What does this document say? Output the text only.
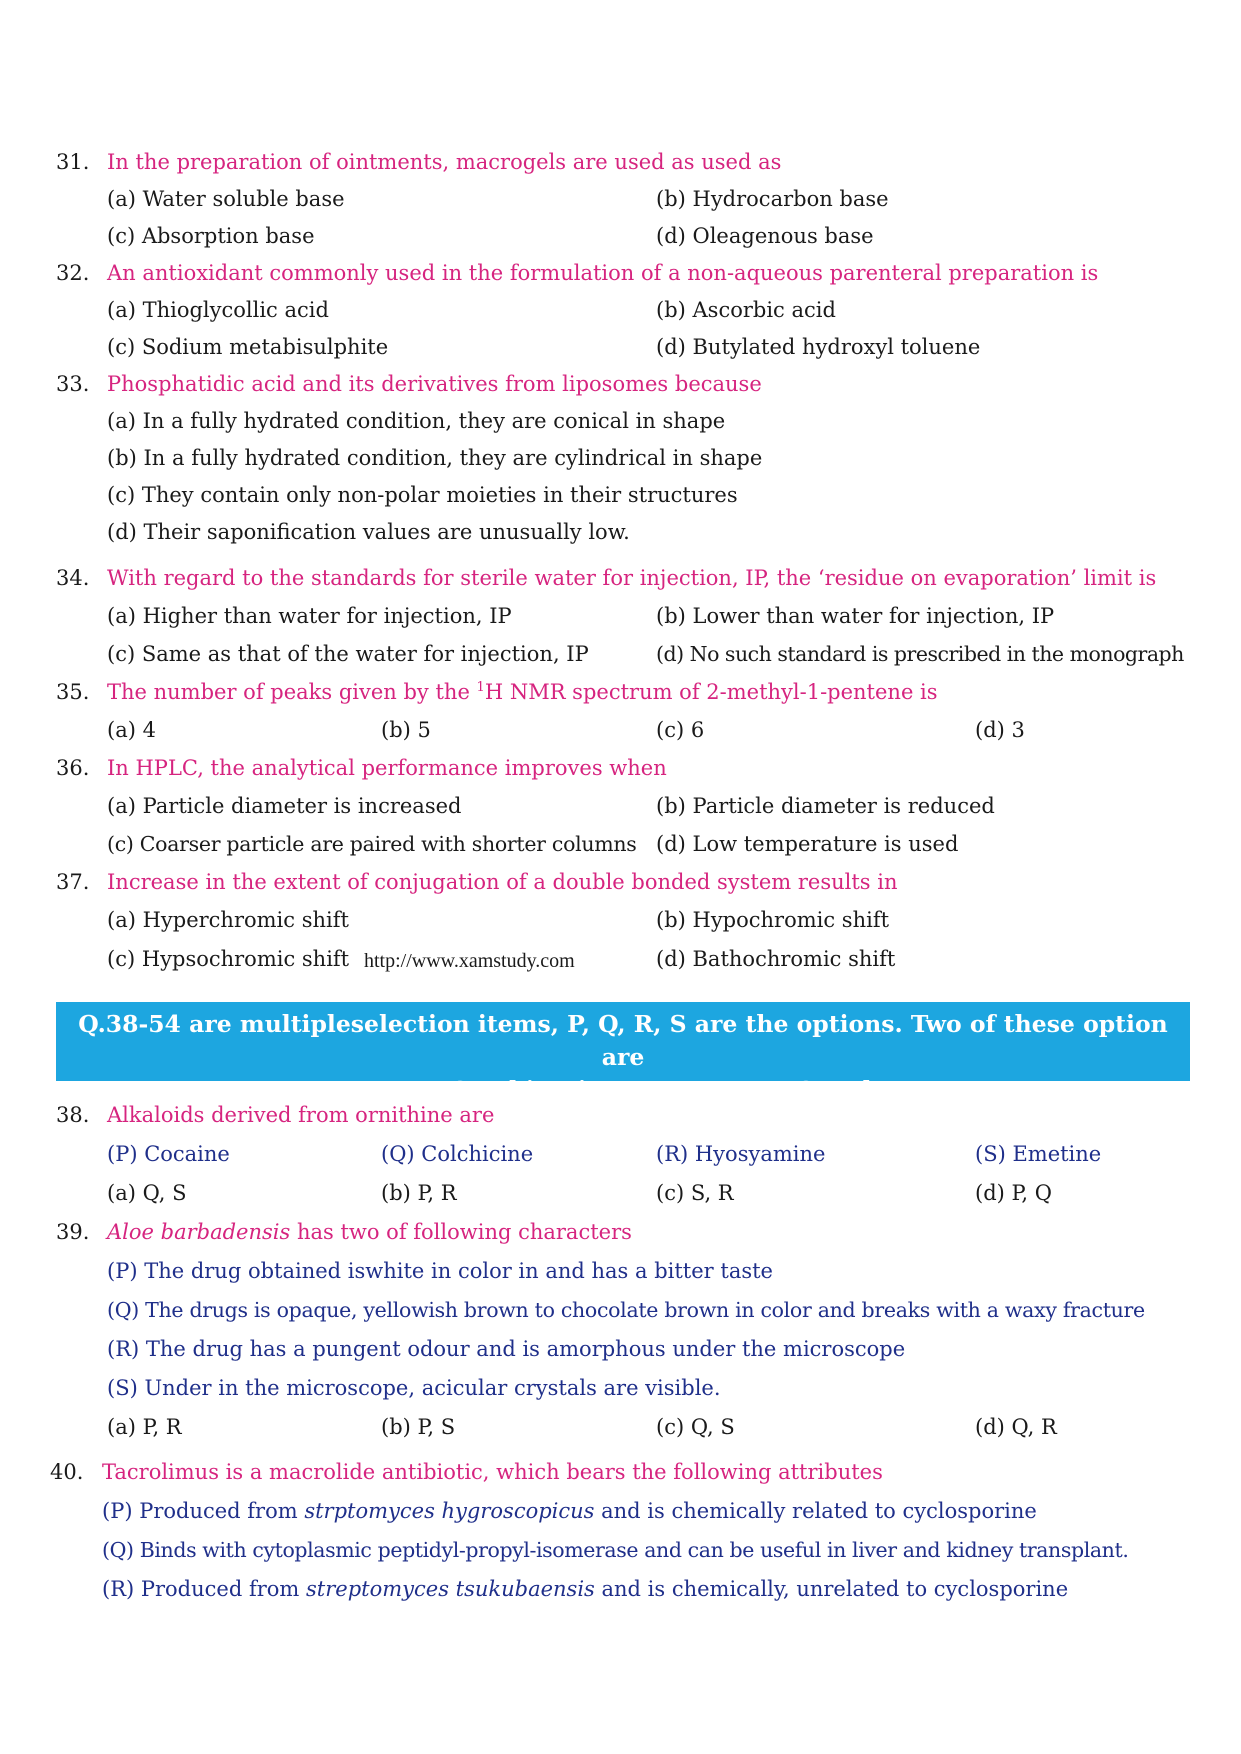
31. In the preparation of ointments, macrogels are used as used as
(a) Water soluble base	(b) Hydrocarbon base
(c) Absorption base	(d) Oleagenous base
32. An antioxidant commonly used in the formulation of a non-aqueous parenteral preparation is
(a) Thioglycollic acid	(b) Ascorbic acid
(c) Sodium metabisulphite	(d) Butylated hydroxyl toluene
33. Phosphatidic acid and its derivatives from liposomes because
(a) In a fully hydrated condition, they are conical in shape
(b) In a fully hydrated condition, they are cylindrical in shape
(c) They contain only non-polar moieties in their structures
(d) Their saponification values are unusually low.
34. With regard to the standards for sterile water for injection, IP, the ‘residue on evaporation’ limit is
(a) Higher than water for injection, IP	(b) Lower than water for injection, IP
(c) Same as that of the water for injection, IP	(d) No such standard is prescribed in the monograph
35. The number of peaks given by the $^1$H NMR spectrum of 2-methyl-1-pentene is
(a) 4	(b) 5	(c) 6	(d) 3
36. In HPLC, the analytical performance improves when
(a) Particle diameter is increased	(b) Particle diameter is reduced
(c) Coarser particle are paired with shorter columns (d) Low temperature is used
37. Increase in the extent of conjugation of a double bonded system results in
(a) Hyperchromic shift	(b) Hypochromic shift
(c) Hypsochromic shift http://www.xamstudy.com	(d) Bathochromic shift
Q.38-54 are multipleselection items, P, Q, R, S are the options. Two of these option are
correct. Combination among A, B, C and D.
38. Alkaloids derived from ornithine are
(P) Cocaine	(Q) Colchicine	(R) Hyosyamine	(S) Emetine
(a) Q, S	(b) P, R	(c) S, R	(d) P, Q
39. Aloe barbadensis has two of following characters
(P) The drug obtained iswhite in color in and has a bitter taste
(Q) The drugs is opaque, yellowish brown to chocolate brown in color and breaks with a waxy fracture
(R) The drug has a pungent odour and is amorphous under the microscope
(S) Under in the microscope, acicular crystals are visible.
(a) P, R	(b) P, S	(c) Q, S	(d) Q, R
40. Tacrolimus is a macrolide antibiotic, which bears the following attributes
(P) Produced from strptomyces hygroscopicus and is chemically related to cyclosporine
(Q) Binds with cytoplasmic peptidyl-propyl-isomerase and can be useful in liver and kidney transplant.
(R) Produced from streptomyces tsukubaensis and is chemically, unrelated to cyclosporine
